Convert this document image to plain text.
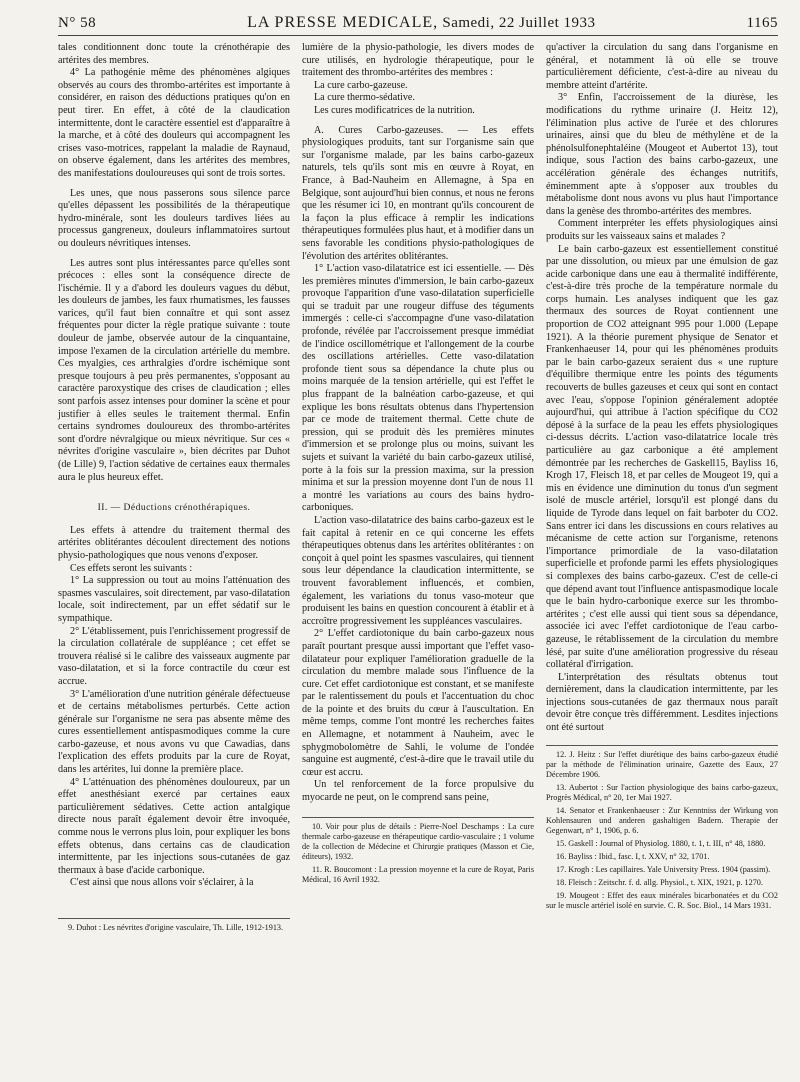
N° 58	LA PRESSE MEDICALE, Samedi, 22 Juillet 1933	1165

tales conditionnent donc toute la crénothérapie des artérites des membres.

4° La pathogénie même des phénomènes algiques observés au cours des thrombo-artérites est importante à considérer, en raison des déductions pratiques qu'on en peut tirer. En effet, à côté de la claudication intermittente, dont le caractère essentiel est d'apparaître à la marche, et à côté des douleurs qui accompagnent les crises vaso-motrices, rappelant la maladie de Raynaud, on observe également, dans les artérites des membres, des manifestations douloureuses qui sont de trois sortes.

Les unes, que nous passerons sous silence parce qu'elles dépassent les possibilités de la thérapeutique hydro-minérale, sont les douleurs tardives liées au processus gangreneux, douleurs inflammatoires surtout ou douleurs névritiques intenses.

Les autres sont plus intéressantes parce qu'elles sont précoces : elles sont la conséquence directe de l'ischémie. Il y a d'abord les douleurs vagues du début, les douleurs de jambes, les faux rhumatismes, les fausses varices, qu'il faut bien connaître et qui sont assez fréquentes pour dicter la règle pratique suivante : toute douleur de jambe, observée autour de la cinquantaine, impose l'examen de la circulation artérielle du membre. Ces myalgies, ces arthralgies d'ordre ischémique sont presque toujours à peu près permanentes, s'opposant au caractère paroxystique des crises de claudication ; elles sont parfois assez intenses pour dominer la scène et pour justifier à elles seules le traitement thermal. Enfin certains syndromes douloureux des thrombo-artérites sont d'ordre névralgique ou mieux névritique. Sur ces « névrites d'origine vasculaire », bien décrites par Duhot (de Lille) 9, l'action sédative de certaines eaux thermales aura le plus heureux effet.

II. — Déductions crénothérapiques.

Les effets à attendre du traitement thermal des artérites oblitérantes découlent directement des notions physio-pathologiques que nous venons d'exposer.

Ces effets seront les suivants :

1° La suppression ou tout au moins l'atténuation des spasmes vasculaires, soit directement, par vaso-dilatation locale, soit indirectement, par un effet sédatif sur le sympathique.

2° L'établissement, puis l'enrichissement progressif de la circulation collatérale de suppléance ; cet effet se trouvera réalisé si le calibre des vaisseaux augmente par vaso-dilatation, et si la force contractile du cœur est accrue.

3° L'amélioration d'une nutrition générale défectueuse et de certains métabolismes perturbés. Cette action générale sur l'organisme ne sera pas absente même des cures essentiellement antispasmodiques comme la cure carbo-gazeuse, et nous avons vu que Cawadias, dans l'explication des effets produits par la cure de Royat, dans les artérites, lui donne la première place.

4° L'atténuation des phénomènes douloureux, par un effet anesthésiant exercé par certaines eaux particulièrement sédatives. Cette action antalgique directe nous paraît également devoir être invoquée, comme nous le verrons plus loin, pour expliquer les bons effets obtenus, dans certains cas de claudication intermittente, par les injections sous-cutanées de gaz thermaux à base d'acide carbonique.

C'est ainsi que nous allons voir s'éclairer, à la

9. Duhot : Les névrites d'origine vasculaire, Th. Lille, 1912-1913.

lumière de la physio-pathologie, les divers modes de cure utilisés, en hydrologie thérapeutique, pour le traitement des thrombo-artérites des membres :

La cure carbo-gazeuse.
La cure thermo-sédative.
Les cures modificatrices de la nutrition.

A. Cures Carbo-gazeuses. — Les effets physiologiques produits, tant sur l'organisme sain que sur l'organisme malade, par les bains carbo-gazeux naturels, tels qu'ils sont mis en œuvre à Royat, en France, à Bad-Nauheim en Allemagne, à Spa en Belgique, sont aujourd'hui bien connus, et nous ne ferons que les résumer ici 10, en montrant qu'ils concourent de la façon la plus efficace à remplir les indications thérapeutiques formulées plus haut, et à modifier dans un sens favorable les conditions physio-pathologiques de l'évolution des artérites oblitérantes.

1° L'action vaso-dilatatrice est ici essentielle. — Dès les premières minutes d'immersion, le bain carbo-gazeux provoque l'apparition d'une vaso-dilatation superficielle qui se traduit par une rougeur diffuse des téguments immergés : celle-ci s'accompagne d'une vaso-dilatation profonde, révélée par l'accroissement presque immédiat de l'indice oscillométrique et l'allongement de la courbe des oscillations artérielles. Cette vaso-dilatation profonde tient sous sa dépendance la chute plus ou moins marquée de la tension artérielle, qui est l'effet le plus frappant de la balnéation carbo-gazeuse, et qui explique les bons résultats obtenus dans l'hypertension par ce mode de traitement thermal. Cette chute de pression, qui se produit dès les premières minutes d'immersion et se prolonge plus ou moins, suivant les sujets et suivant la variété du bain carbo-gazeux utilisé, porte à la fois sur la pression maxima, sur la pression minima et sur la pression moyenne dont l'un de nous 11 a montré les variations au cours des bains hydro-carboniques.

L'action vaso-dilatatrice des bains carbo-gazeux est le fait capital à retenir en ce qui concerne les effets thérapeutiques obtenus dans les artérites oblitérantes : on conçoit à quel point les spasmes vasculaires, qui tiennent sous leur dépendance la claudication intermittente, se trouvent favorablement influencés, et combien, également, les variations du tonus vaso-moteur que produisent les bains en question concourent à établir et à accroître progressivement les suppléances vasculaires.

2° L'effet cardiotonique du bain carbo-gazeux nous paraît pourtant presque aussi important que l'effet vaso-dilatateur pour expliquer l'amélioration graduelle de la circulation du membre malade sous l'influence de la cure. Cet effet cardiotonique est constant, et se manifeste par le ralentissement du pouls et l'accentuation du choc de la pointe et des bruits du cœur à l'auscultation. En même temps, comme l'ont montré les recherches faites en Allemagne, et notamment à Nauheim, avec le sphygmobolomètre de Sahli, le volume de l'ondée sanguine est augmenté, c'est-à-dire que le travail utile du cœur est accru.

Un tel renforcement de la force propulsive du myocarde ne peut, on le comprend sans peine,

10. Voir pour plus de détails : Pierre-Noel Deschamps : La cure thermale carbo-gazeuse en thérapeutique cardio-vasculaire ; 1 volume de la collection de Médecine et Chirurgie pratiques (Masson et Cie, éditeurs), 1932.

11. R. Boucomont : La pression moyenne et la cure de Royat, Paris Médical, 16 Avril 1932.

qu'activer la circulation du sang dans l'organisme en général, et notamment là où elle se trouve particulièrement déficiente, c'est-à-dire au niveau du membre atteint d'artérite.

3° Enfin, l'accroissement de la diurèse, les modifications du rythme urinaire (J. Heitz 12), l'élimination plus active de l'urée et des chlorures urinaires, ainsi que du bleu de méthylène et de la phénolsulfonephtaléine (Mougeot et Aubertot 13), tout indique, sous l'action des bains carbo-gazeux, une accélération générale des échanges nutritifs, éminemment apte à s'opposer aux troubles du métabolisme dont nous avons vu plus haut l'importance dans la genèse des thrombo-artérites des membres.

Comment interpréter les effets physiologiques ainsi produits sur les vaisseaux sains et malades ?

Le bain carbo-gazeux est essentiellement constitué par une dissolution, ou mieux par une émulsion de gaz acide carbonique dans une eau à thermalité indifférente, c'est-à-dire très proche de la température normale du corps humain. Les analyses indiquent que les gaz thermaux des sources de Royat contiennent une proportion de CO2 atteignant 995 pour 1.000 (Lepape 1921). A la théorie purement physique de Senator et Frankenhaeuser 14, pour qui les phénomènes produits par le bain carbo-gazeux seraient dus « une rupture d'équilibre thermique entre les points des téguments recouverts de bulles gazeuses et ceux qui sont en contact avec l'eau, s'oppose l'opinion généralement adoptée aujourd'hui, qui attribue à l'action spécifique du CO2 déposé à la surface de la peau les effets physiologiques ci-dessus décrits. L'action vaso-dilatatrice locale très particulière au gaz carbonique a été amplement démontrée par les recherches de Gaskell15, Bayliss 16, Krogh 17, Fleisch 18, et par celles de Mougeot 19, qui a mis en évidence une diminution du tonus d'un segment isolé de muscle artériel, lorsqu'il est plongé dans du liquide de Tyrode dans lequel on fait barboter du CO2. Sans entrer ici dans les discussions en cours relatives au mécanisme de cette action sur l'organisme, retenons l'importance primordiale de la vaso-dilatation superficielle et profonde parmi les effets physiologiques si complexes des bains carbo-gazeux. C'est de celle-ci que dépend avant tout l'influence antispasmodique locale que le bain hydro-carbonique exerce sur les thrombo-artérites ; c'est elle aussi qui tient sous sa dépendance, associée ici avec l'effet cardiotonique de l'eau carbo-gazeuse, le rétablissement de la circulation du membre lésé, par suite d'une amélioration progressive du réseau collatéral d'irrigation.

L'interprétation des résultats obtenus tout dernièrement, dans la claudication intermittente, par les injections sous-cutanées de gaz thermaux nous paraît devoir être conçue très différemment. Lesdites injections ont été surtout

12. J. Heitz : Sur l'effet diurétique des bains carbo-gazeux étudié par la méthode de l'élimination urinaire, Gazette des Eaux, 27 Décembre 1906.

13. Aubertot : Sur l'action physiologique des bains carbo-gazeux, Progrès Médical, n° 20, 1er Mai 1927.

14. Senator et Frankenhaeuser : Zur Kenntniss der Wirkung von Kohlensauren und anderen gashaltigen Badern. Therapie der Gegenwart, n° 1, 1906, p. 6.

15. Gaskell : Journal of Physiolog. 1880, t. 1, t. III, n° 48, 1880.

16. Bayliss : Ibid., fasc. I, t. XXV, n° 32, 1701.

17. Krogh : Les capillaires. Yale University Press. 1904 (passim).

18. Fleisch : Zeitschr. f. d. allg. Physiol., t. XIX, 1921, p. 1270.

19. Mougeot : Effet des eaux minérales bicarbonatées et du CO2 sur le muscle artériel isolé en survie. C. R. Soc. Biol., 14 Mars 1931.
